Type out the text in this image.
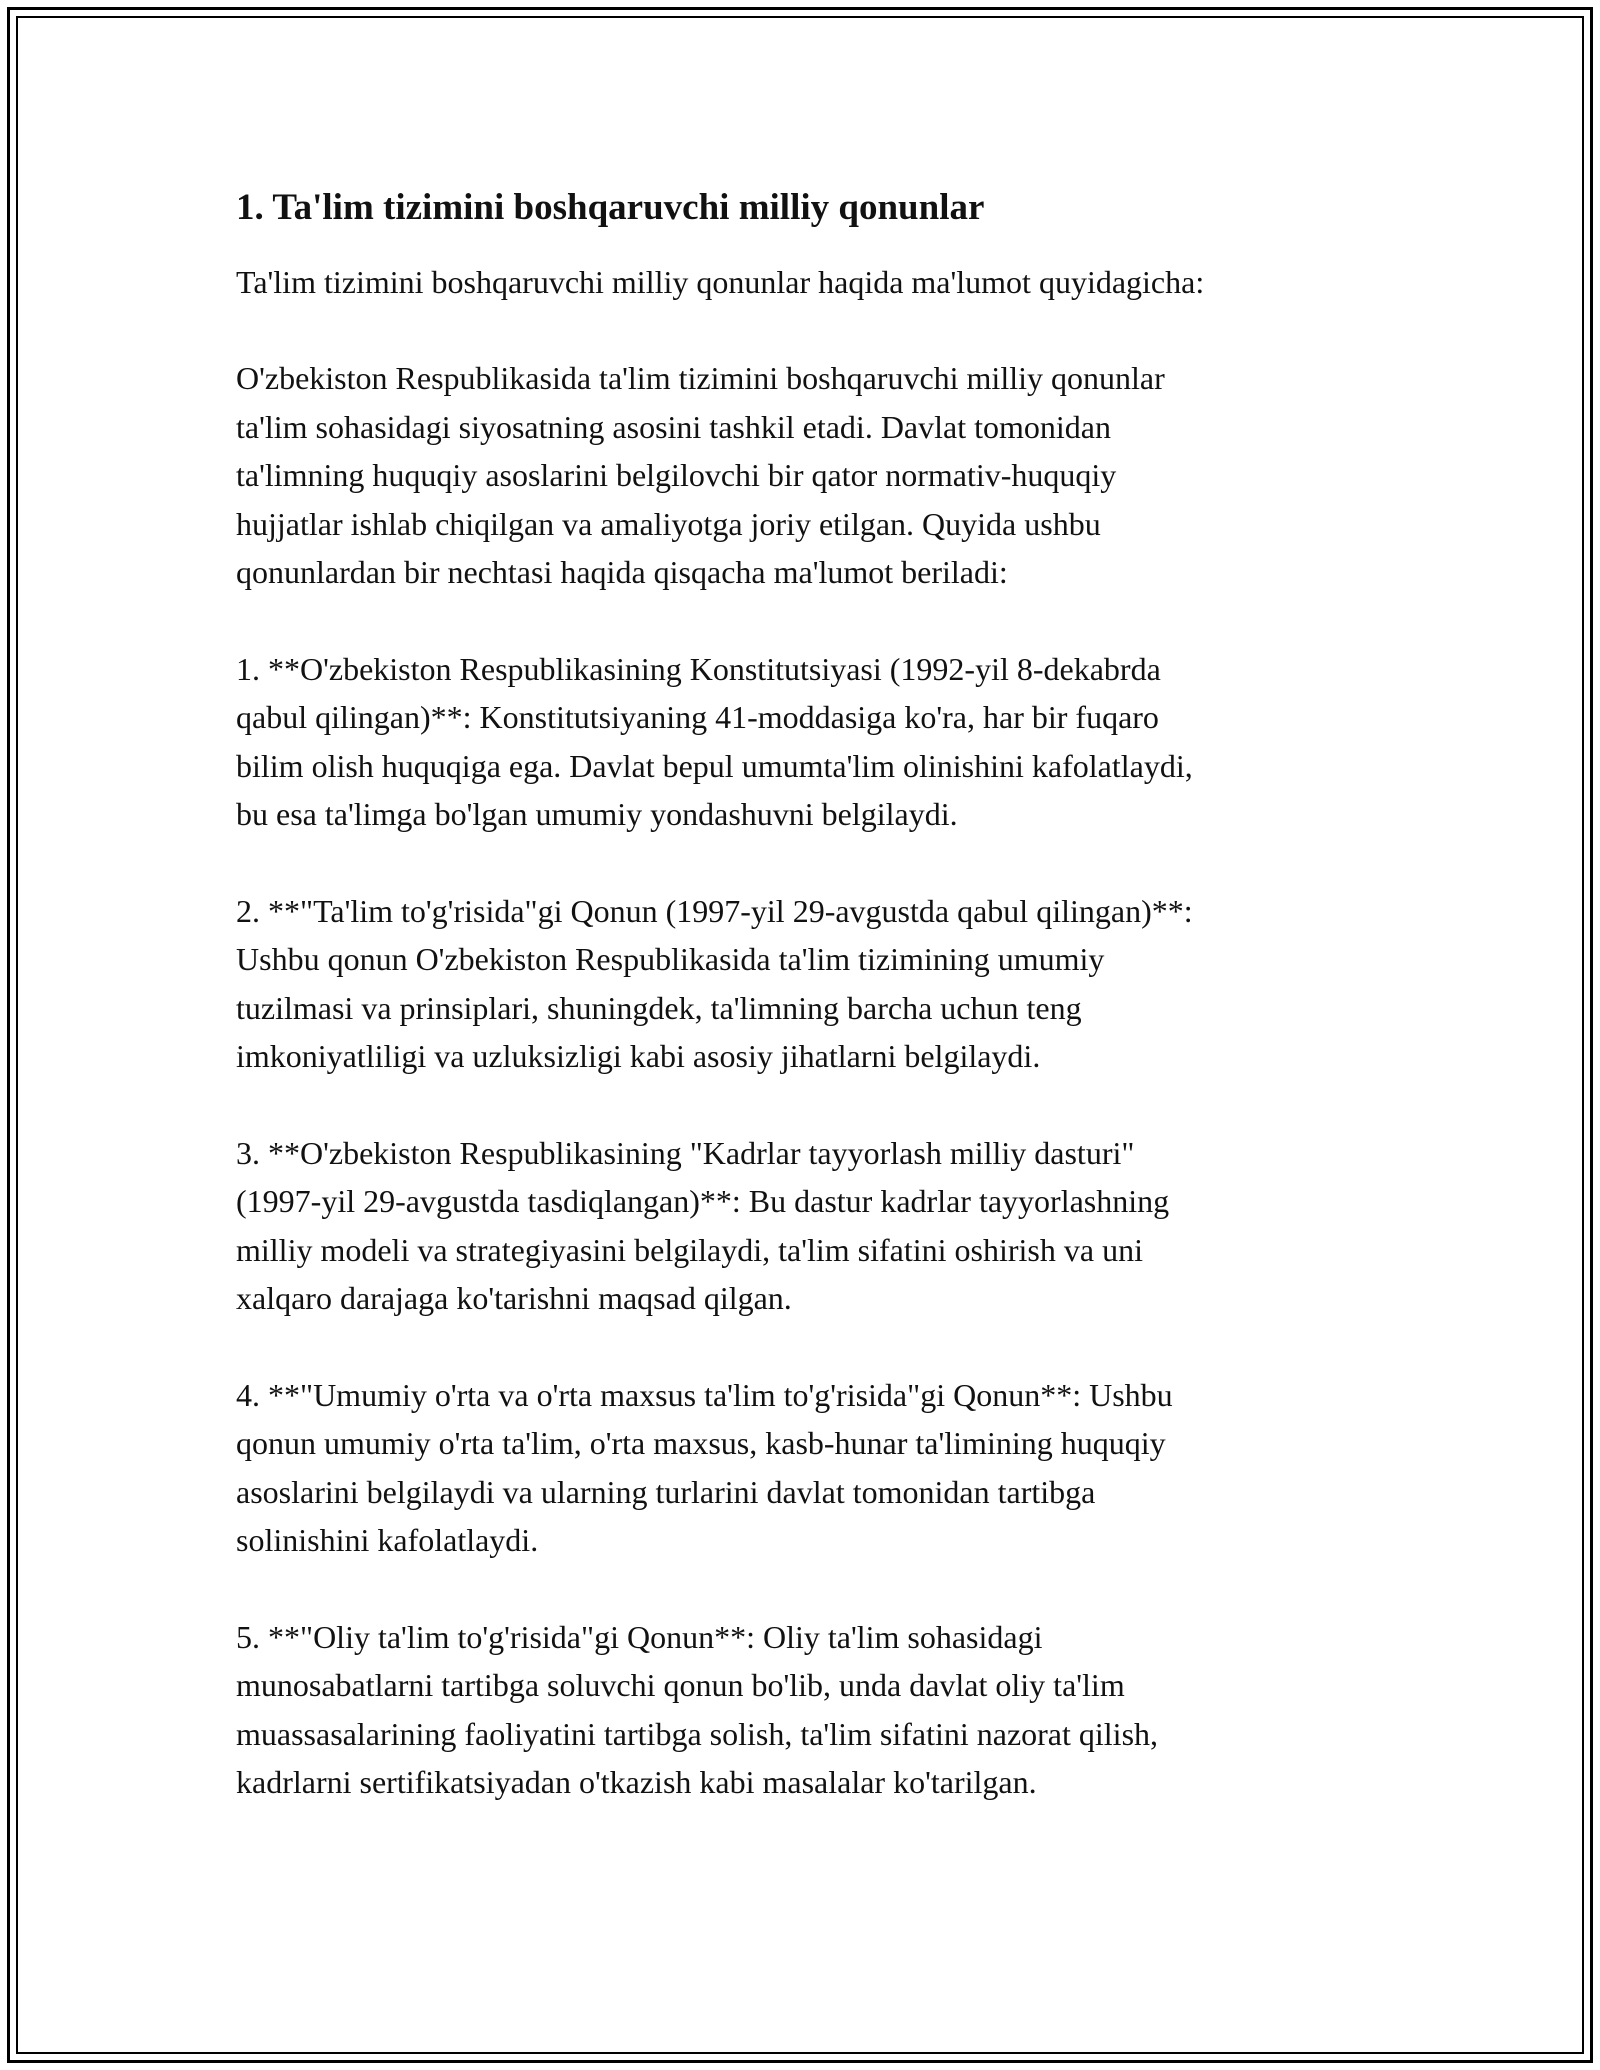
1. Ta'lim tizimini boshqaruvchi milliy qonunlar

Ta'lim tizimini boshqaruvchi milliy qonunlar haqida ma'lumot quyidagicha:

O'zbekiston Respublikasida ta'lim tizimini boshqaruvchi milliy qonunlar
ta'lim sohasidagi siyosatning asosini tashkil etadi. Davlat tomonidan
ta'limning huquqiy asoslarini belgilovchi bir qator normativ-huquqiy
hujjatlar ishlab chiqilgan va amaliyotga joriy etilgan. Quyida ushbu
qonunlardan bir nechtasi haqida qisqacha ma'lumot beriladi:

1. **O'zbekiston Respublikasining Konstitutsiyasi (1992-yil 8-dekabrda
qabul qilingan)**: Konstitutsiyaning 41-moddasiga ko'ra, har bir fuqaro
bilim olish huquqiga ega. Davlat bepul umumta'lim olinishini kafolatlaydi,
bu esa ta'limga bo'lgan umumiy yondashuvni belgilaydi.

2. **"Ta'lim to'g'risida"gi Qonun (1997-yil 29-avgustda qabul qilingan)**:
Ushbu qonun O'zbekiston Respublikasida ta'lim tizimining umumiy
tuzilmasi va prinsiplari, shuningdek, ta'limning barcha uchun teng
imkoniyatliligi va uzluksizligi kabi asosiy jihatlarni belgilaydi.

3. **O'zbekiston Respublikasining "Kadrlar tayyorlash milliy dasturi"
(1997-yil 29-avgustda tasdiqlangan)**: Bu dastur kadrlar tayyorlashning
milliy modeli va strategiyasini belgilaydi, ta'lim sifatini oshirish va uni
xalqaro darajaga ko'tarishni maqsad qilgan.

4. **"Umumiy o'rta va o'rta maxsus ta'lim to'g'risida"gi Qonun**: Ushbu
qonun umumiy o'rta ta'lim, o'rta maxsus, kasb-hunar ta'limining huquqiy
asoslarini belgilaydi va ularning turlarini davlat tomonidan tartibga
solinishini kafolatlaydi.

5. **"Oliy ta'lim to'g'risida"gi Qonun**: Oliy ta'lim sohasidagi
munosabatlarni tartibga soluvchi qonun bo'lib, unda davlat oliy ta'lim
muassasalarining faoliyatini tartibga solish, ta'lim sifatini nazorat qilish,
kadrlarni sertifikatsiyadan o'tkazish kabi masalalar ko'tarilgan.
